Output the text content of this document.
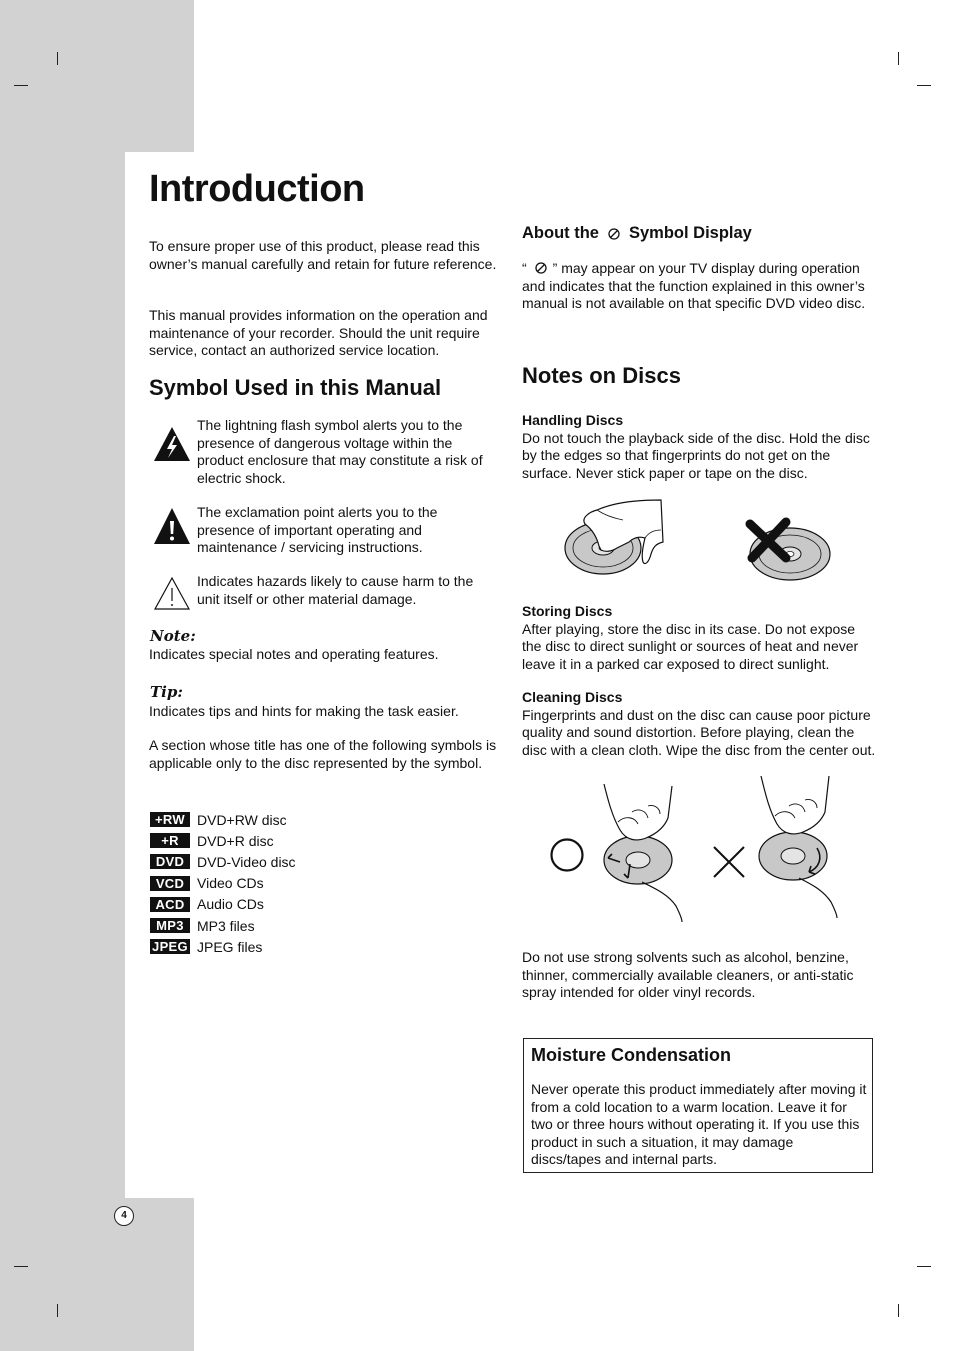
Introduction

To ensure proper use of this product, please read this owner’s manual carefully and retain for future reference.

This manual provides information on the operation and maintenance of your recorder. Should the unit require service, contact an authorized service location.

Symbol Used in this Manual
The lightning flash symbol alerts you to the presence of dangerous voltage within the product enclosure that may constitute a risk of electric shock.
The exclamation point alerts you to the presence of important operating and maintenance / servicing instructions.
Indicates hazards likely to cause harm to the unit itself or other material damage.
Note:

Indicates special notes and operating features.

Tip:

Indicates tips and hints for making the task easier.

A section whose title has one of the following symbols is applicable only to the disc represented by the symbol.

+RW DVD+RW disc
+R	DVD+R disc
DVD DVD-Video disc
VCD Video CDs
ACD Audio CDs
MP3 MP3 files
JPEG JPEG files
About the Symbol Display

“ ” may appear on your TV display during operation and indicates that the function explained in this owner’s manual is not available on that specific DVD video disc.

Notes on Discs

Handling Discs

Do not touch the playback side of the disc. Hold the disc by the edges so that fingerprints do not get on the surface. Never stick paper or tape on the disc.

Storing Discs

After playing, store the disc in its case. Do not expose the disc to direct sunlight or sources of heat and never leave it in a parked car exposed to direct sunlight.

Cleaning Discs

Fingerprints and dust on the disc can cause poor picture quality and sound distortion. Before playing, clean the disc with a clean cloth. Wipe the disc from the center out.

Do not use strong solvents such as alcohol, benzine, thinner, commercially available cleaners, or anti-static spray intended for older vinyl records.

Moisture Condensation

Never operate this product immediately after moving it from a cold location to a warm location. Leave it for two or three hours without operating it. If you use this product in such a situation, it may damage discs/tapes and internal parts.

4
